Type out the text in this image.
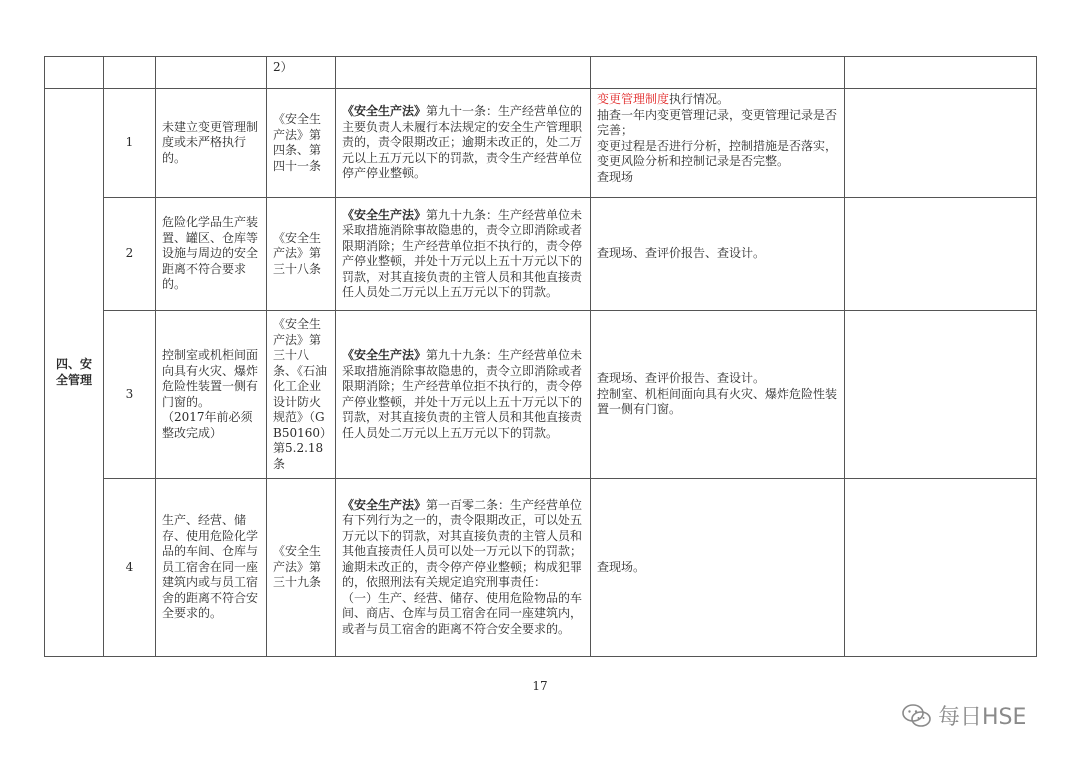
			2）			
四、安全管理	1	未建立变更管理制度或未严格执行的。	《安全生产法》第四条、第四十一条	《安全生产法》第九十一条：生产经营单位的主要负责人未履行本法规定的安全生产管理职责的，责令限期改正；逾期未改正的，处二万元以上五万元以下的罚款，责令生产经营单位停产停业整顿。	变更管理制度执行情况。
抽查一年内变更管理记录，变更管理记录是否完善；
变更过程是否进行分析，控制措施是否落实，变更风险分析和控制记录是否完整。
查现场	

	2	危险化学品生产装置、罐区、仓库等设施与周边的安全距离不符合要求的。	《安全生产法》第三十八条	《安全生产法》第九十九条：生产经营单位未采取措施消除事故隐患的，责令立即消除或者限期消除；生产经营单位拒不执行的，责令停产停业整顿，并处十万元以上五十万元以下的罚款，对其直接负责的主管人员和其他直接责任人员处二万元以上五万元以下的罚款。	查现场、查评价报告、查设计。	

	3	控制室或机柜间面向具有火灾、爆炸危险性装置一侧有门窗的。
（2017年前必须整改完成）	《安全生产法》第三十八条、《石油化工企业设计防火规范》（GB50160）第5.2.18条	《安全生产法》第九十九条：生产经营单位未采取措施消除事故隐患的，责令立即消除或者限期消除；生产经营单位拒不执行的，责令停产停业整顿，并处十万元以上五十万元以下的罚款，对其直接负责的主管人员和其他直接责任人员处二万元以上五万元以下的罚款。	查现场、查评价报告、查设计。
控制室、机柜间面向具有火灾、爆炸危险性装置一侧有门窗。	

	4	生产、经营、储存、使用危险化学品的车间、仓库与员工宿舍在同一座建筑内或与员工宿舍的距离不符合安全要求的。	《安全生产法》第三十九条	《安全生产法》第一百零二条：生产经营单位有下列行为之一的，责令限期改正，可以处五万元以下的罚款，对其直接负责的主管人员和其他直接责任人员可以处一万元以下的罚款；逾期未改正的，责令停产停业整顿；构成犯罪的，依照刑法有关规定追究刑事责任：
（一）生产、经营、储存、使用危险物品的车间、商店、仓库与员工宿舍在同一座建筑内，或者与员工宿舍的距离不符合安全要求的。	查现场。	

17
每日HSE
